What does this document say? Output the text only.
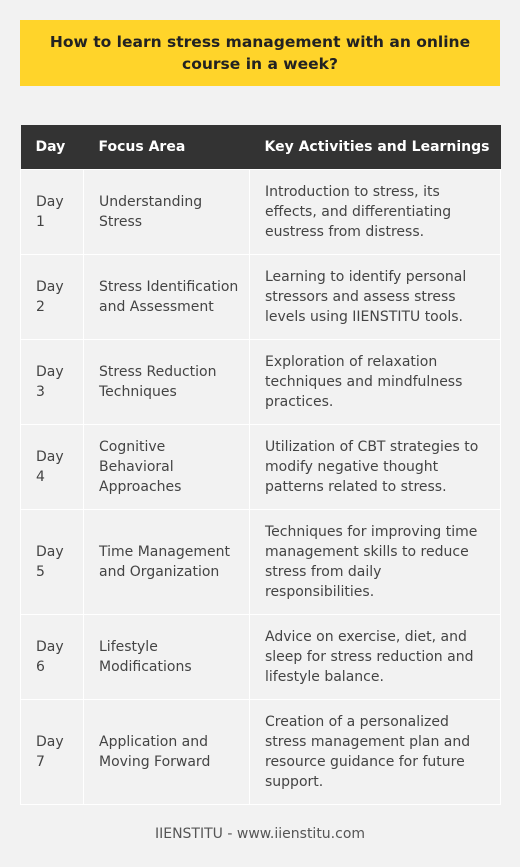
How to learn stress management with an online course in a week?
Day	Focus Area	Key Activities and Learnings
Day 1	Understanding Stress	Introduction to stress, its effects, and differentiating eustress from distress.
Day 2	Stress Identification and Assessment	Learning to identify personal stressors and assess stress levels using IIENSTITU tools.
Day 3	Stress Reduction Techniques	Exploration of relaxation techniques and mindfulness practices.
Day 4	Cognitive Behavioral Approaches	Utilization of CBT strategies to modify negative thought patterns related to stress.
Day 5	Time Management and Organization	Techniques for improving time management skills to reduce stress from daily responsibilities.
Day 6	Lifestyle Modifications	Advice on exercise, diet, and sleep for stress reduction and lifestyle balance.
Day 7	Application and Moving Forward	Creation of a personalized stress management plan and resource guidance for future support.
IIENSTITU - www.iienstitu.com
